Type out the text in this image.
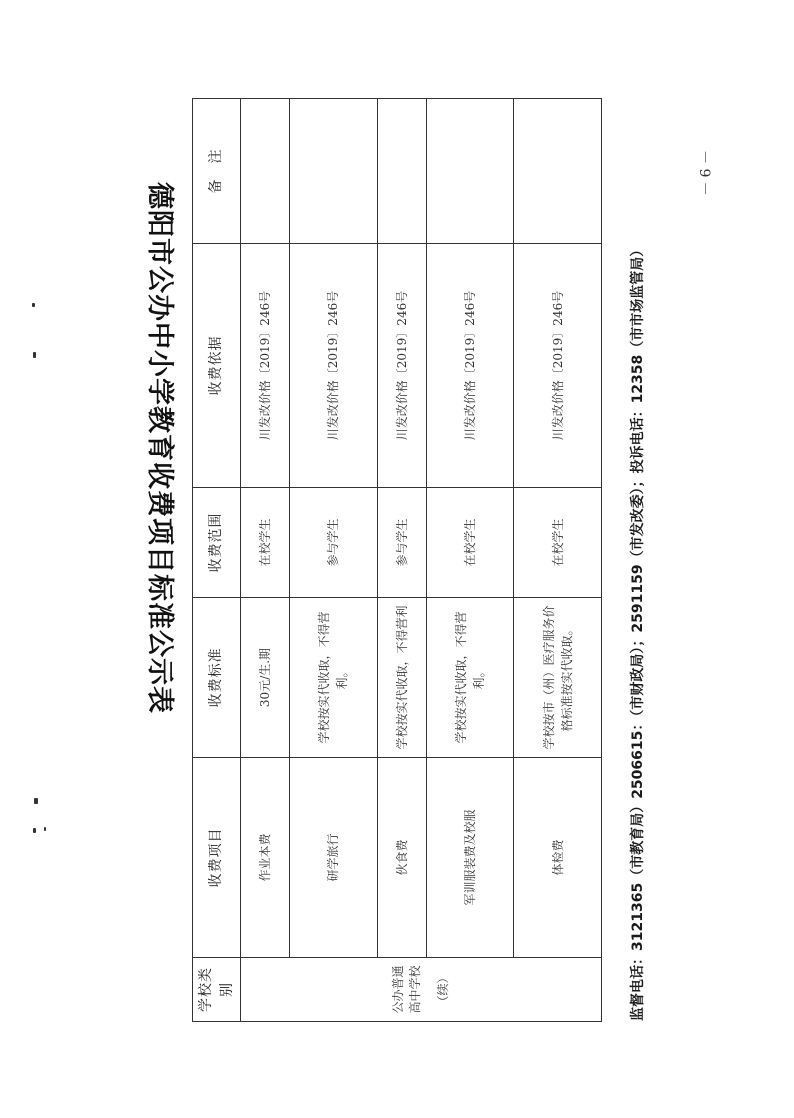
－ 9 －
德阳市公办中小学教育收费项目标准公示表
学校类别	收费项目	收费标准	收费范围	收费依据	备　注
公办普通高中学校 （续）	作业本费	30元/生.期	在校学生	川发改价格〔2019〕246号	
	研学旅行	学校按实代收取，不得营利。	参与学生	川发改价格〔2019〕246号	
	伙食费	学校按实代收取，不得营利	参与学生	川发改价格〔2019〕246号	
	军训服装费及校服	学校按实代收取，不得营利。	在校学生	川发改价格〔2019〕246号	
	体检费	学校按市（州）医疗服务价格标准按实代收取。	在校学生	川发改价格〔2019〕246号		监督电话：3121365（市教育局）2506615：（市财政局）；2591159（市发改委）；投诉电话：12358（市市场监管局）
